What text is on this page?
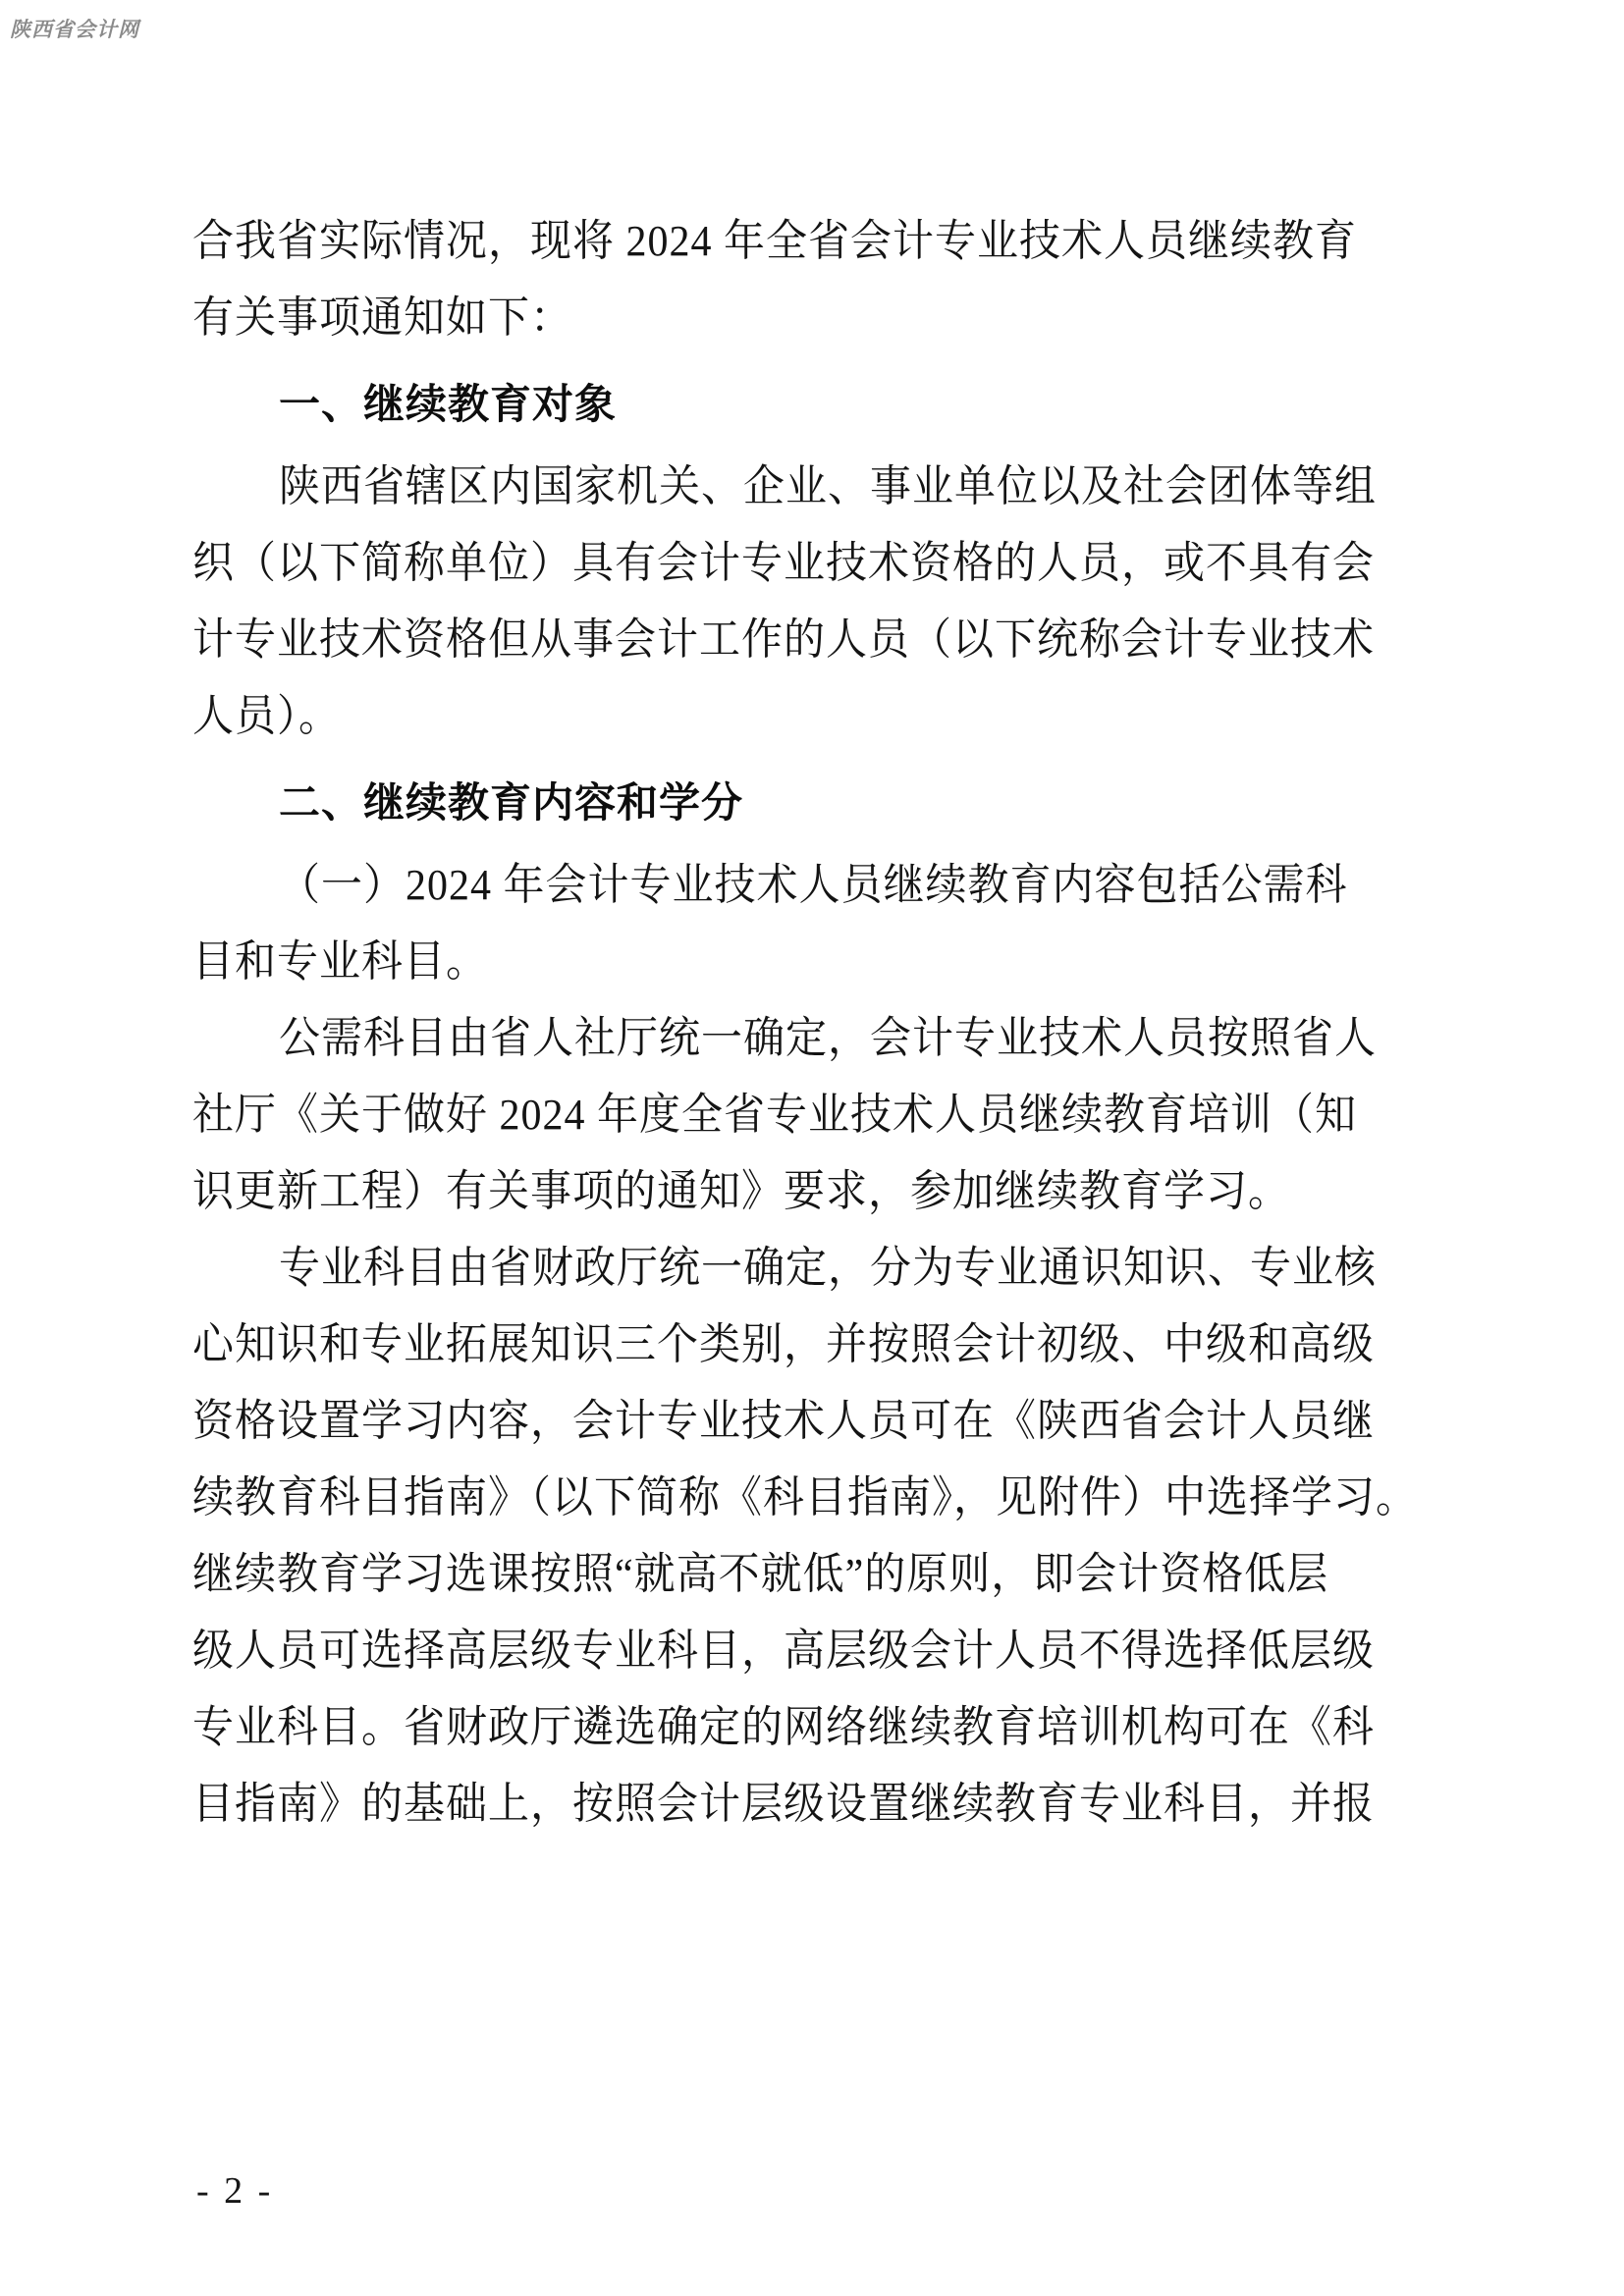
陕西省会计网
合我省实际情况，现将 2024 年全省会计专业技术人员继续教育
有关事项通知如下：
一、继续教育对象
陕西省辖区内国家机关、企业、事业单位以及社会团体等组
织（以下简称单位）具有会计专业技术资格的人员，或不具有会
计专业技术资格但从事会计工作的人员（以下统称会计专业技术
人员）。
二、继续教育内容和学分
（一）2024 年会计专业技术人员继续教育内容包括公需科
目和专业科目。
公需科目由省人社厅统一确定，会计专业技术人员按照省人
社厅《关于做好 2024 年度全省专业技术人员继续教育培训（知
识更新工程）有关事项的通知》要求，参加继续教育学习。
专业科目由省财政厅统一确定，分为专业通识知识、专业核
心知识和专业拓展知识三个类别，并按照会计初级、中级和高级
资格设置学习内容，会计专业技术人员可在《陕西省会计人员继
续教育科目指南》（以下简称《科目指南》，见附件）中选择学习。
继续教育学习选课按照“就高不就低”的原则，即会计资格低层
级人员可选择高层级专业科目，高层级会计人员不得选择低层级
专业科目。省财政厅遴选确定的网络继续教育培训机构可在《科
目指南》的基础上，按照会计层级设置继续教育专业科目，并报
- 2 -
